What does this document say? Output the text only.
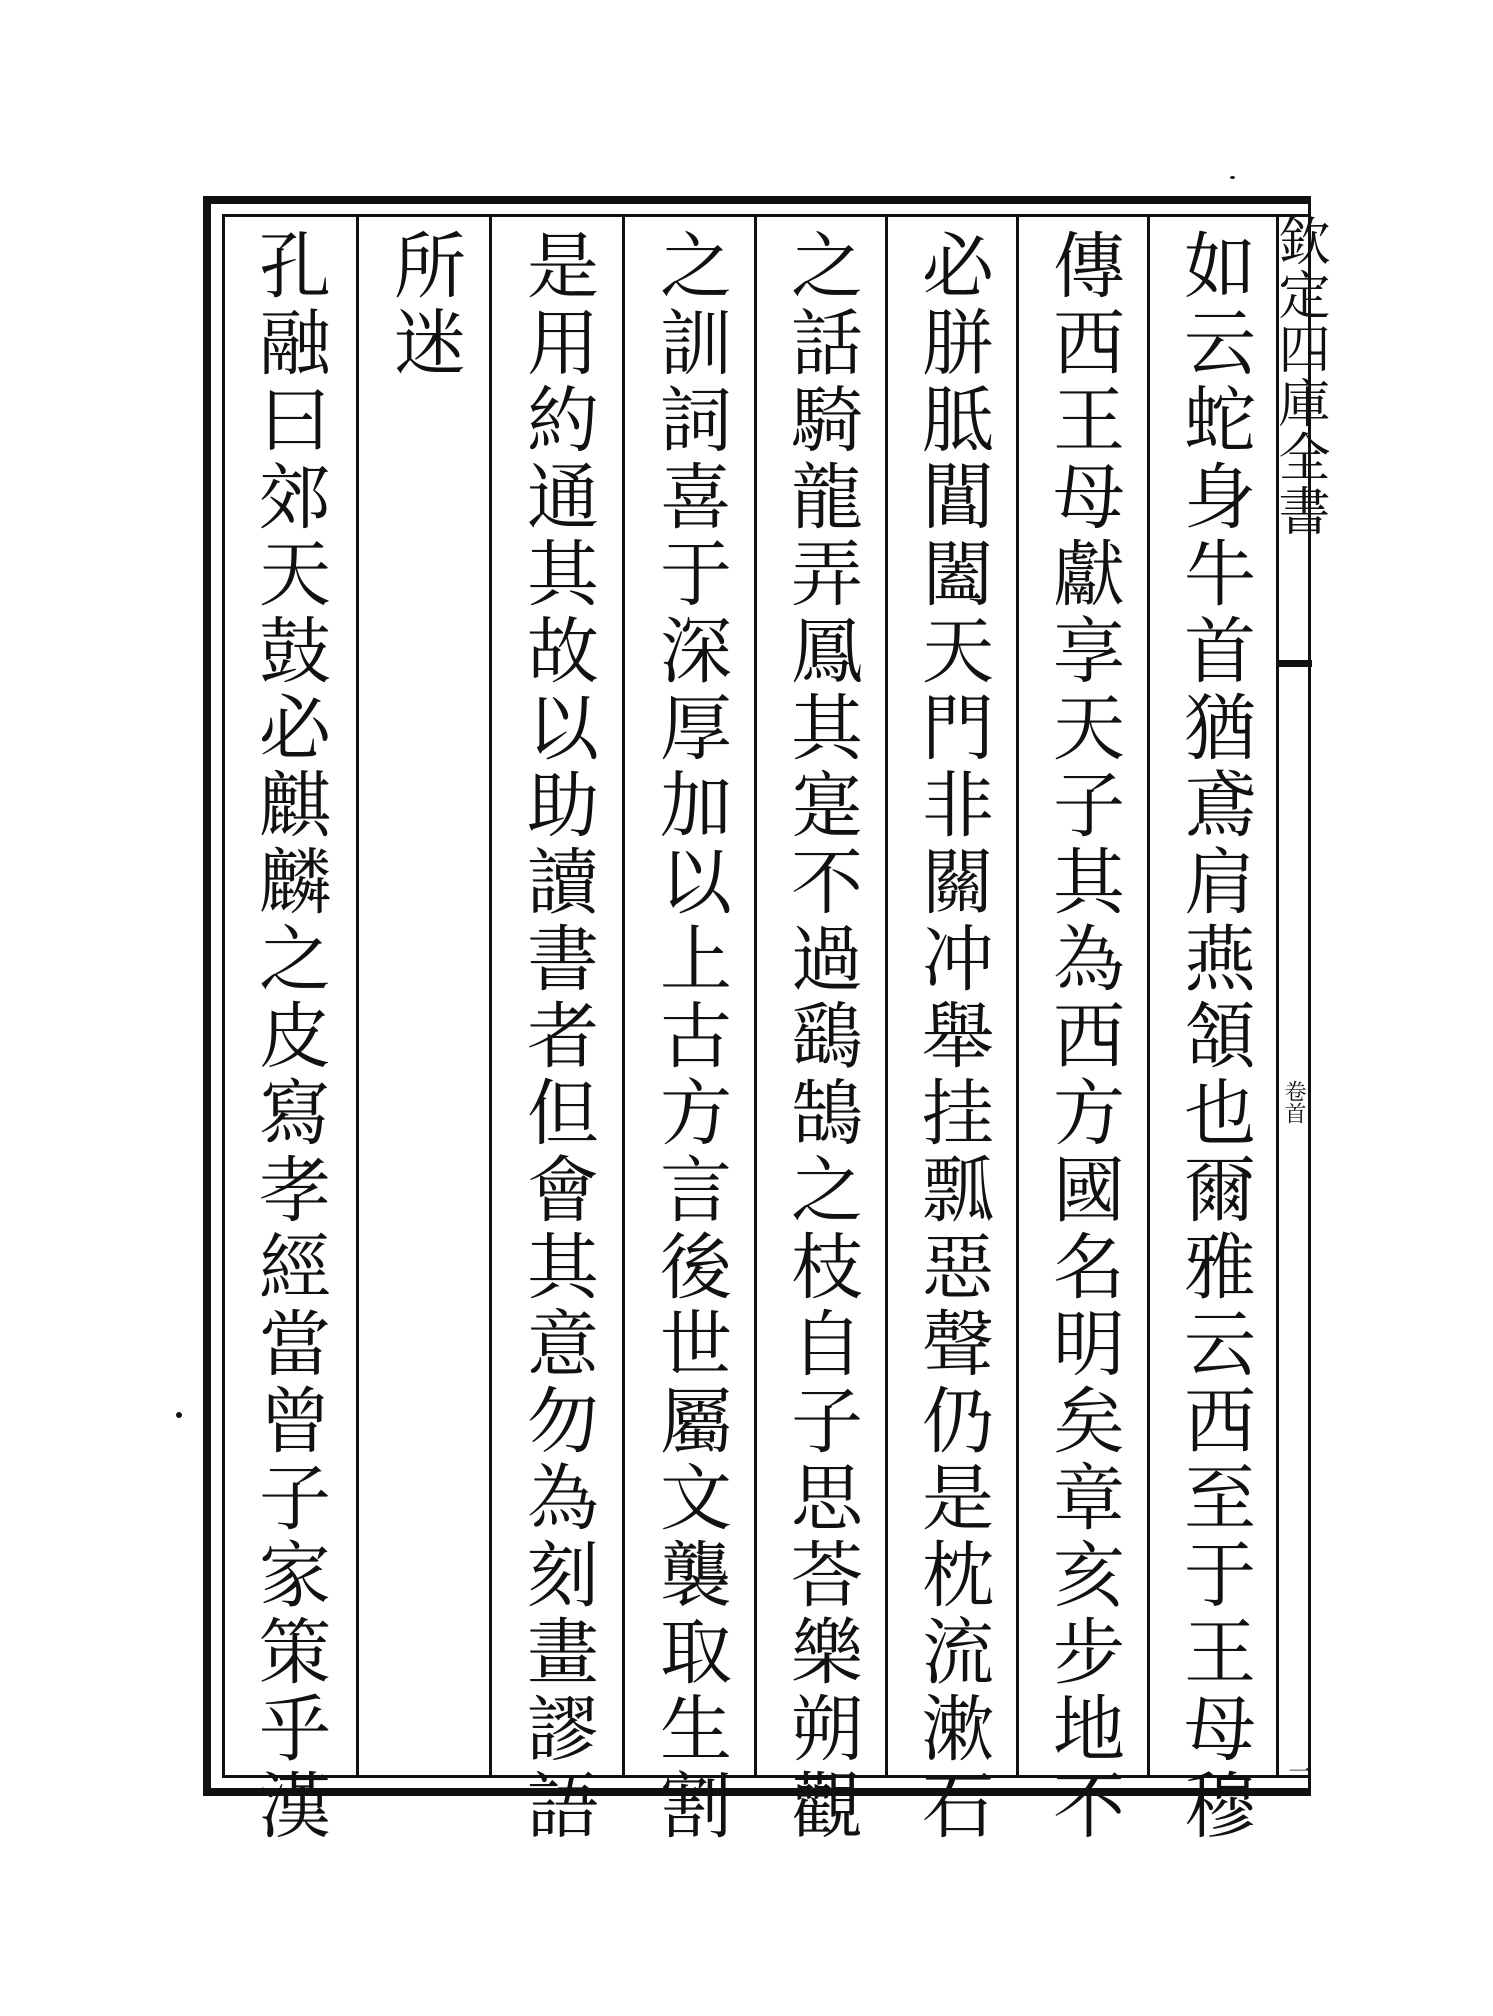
如云蛇身牛首猶鳶肩燕頷也爾雅云西至于王母穆
傳西王母獻享天子其為西方國名明矣章亥步地不
必胼胝閶闔天門非關冲舉挂瓢惡聲仍是枕流漱石
之話騎龍弄鳳其寔不過鷂鵠之枝自子思荅樂朔觀
之訓詞喜于深厚加以上古方言後世屬文襲取生割
是用約通其故以助讀書者但會其意勿為刻畫謬語
所迷
孔融曰郊天鼓必麒麟之皮寫孝經當曾子家策乎漢	欽定四庫全書
卷首
一
